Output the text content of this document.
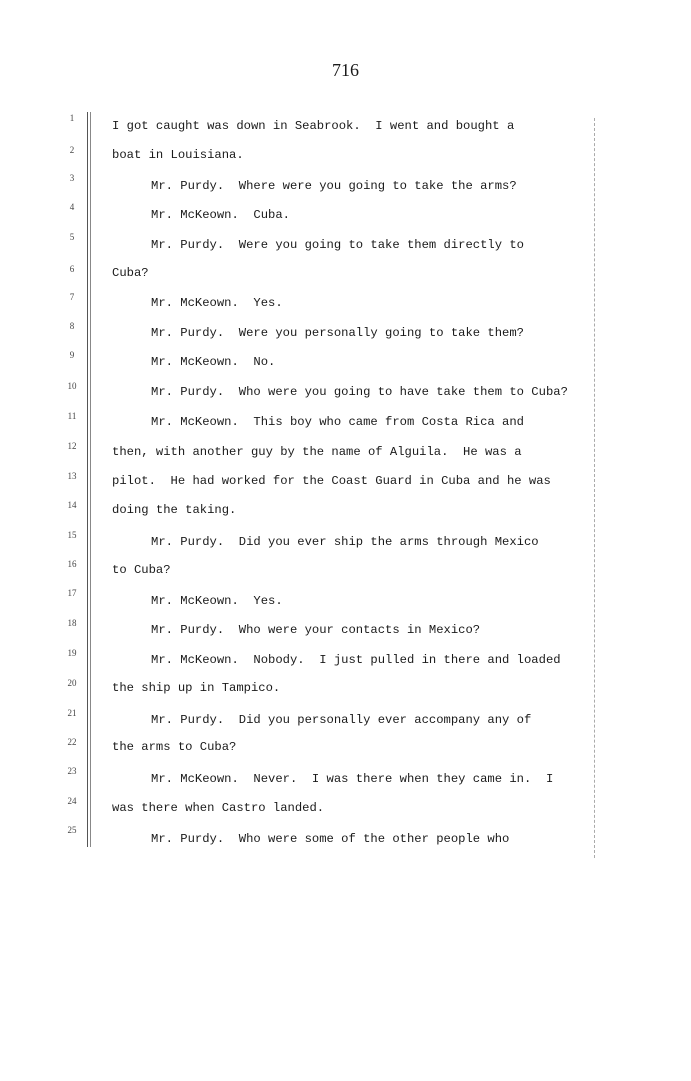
716
1
2
3
4
5
6
7
8
9
10
11
12
13
14
15
16
17
18
19
20
21
22
23
24
25
I got caught was down in Seabrook.  I went and bought a
boat in Louisiana.
Mr. Purdy.  Where were you going to take the arms?
Mr. McKeown.  Cuba.
Mr. Purdy.  Were you going to take them directly to
Cuba?
Mr. McKeown.  Yes.
Mr. Purdy.  Were you personally going to take them?
Mr. McKeown.  No.
Mr. Purdy.  Who were you going to have take them to Cuba?
Mr. McKeown.  This boy who came from Costa Rica and
then, with another guy by the name of Alguila.  He was a
pilot.  He had worked for the Coast Guard in Cuba and he was
doing the taking.
Mr. Purdy.  Did you ever ship the arms through Mexico
to Cuba?
Mr. McKeown.  Yes.
Mr. Purdy.  Who were your contacts in Mexico?
Mr. McKeown.  Nobody.  I just pulled in there and loaded
the ship up in Tampico.
Mr. Purdy.  Did you personally ever accompany any of
the arms to Cuba?
Mr. McKeown.  Never.  I was there when they came in.  I
was there when Castro landed.
Mr. Purdy.  Who were some of the other people who
